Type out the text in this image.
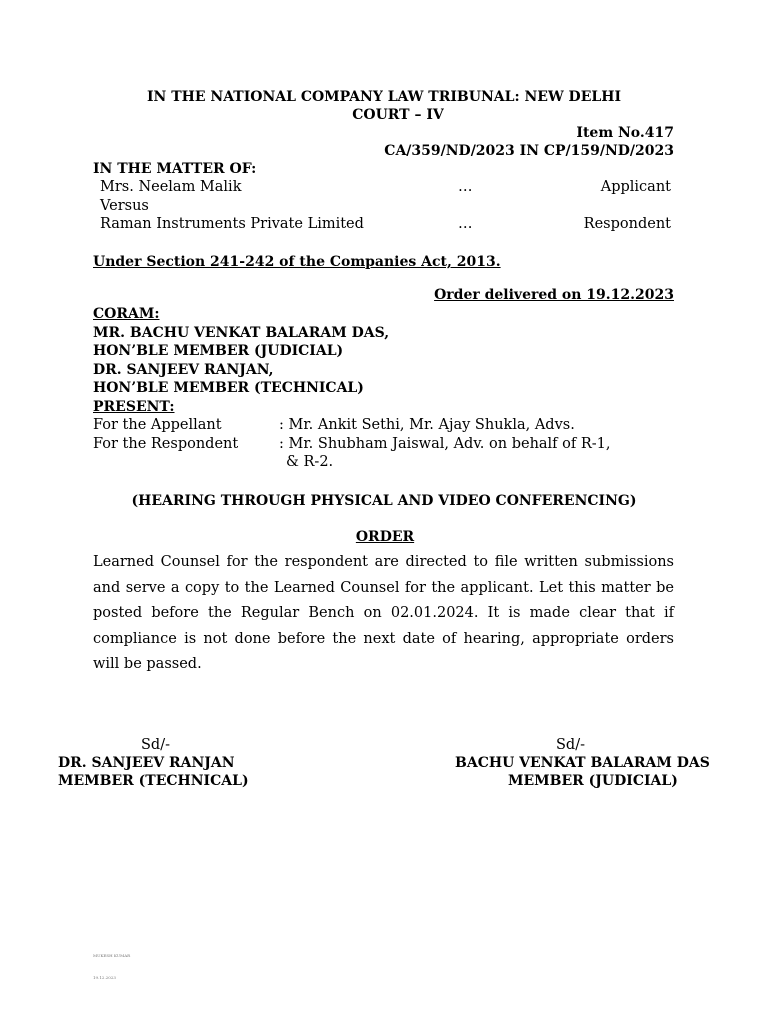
IN THE NATIONAL COMPANY LAW TRIBUNAL: NEW DELHI
COURT – IV
Item No.417
CA/359/ND/2023 IN CP/159/ND/2023
IN THE MATTER OF:
Mrs. Neelam Malik	…	Applicant
Versus
Raman Instruments Private Limited	…	Respondent
Under Section 241-242 of the Companies Act, 2013.
Order delivered on 19.12.2023
CORAM:
MR. BACHU VENKAT BALARAM DAS,
HON’BLE MEMBER (JUDICIAL)
DR. SANJEEV RANJAN,
HON’BLE MEMBER (TECHNICAL)
PRESENT:
For the Appellant	: Mr. Ankit Sethi, Mr. Ajay Shukla, Advs.
For the Respondent	: Mr. Shubham Jaiswal, Adv. on behalf of R-1,
& R-2.
(HEARING THROUGH PHYSICAL AND VIDEO CONFERENCING)
ORDER
Learned Counsel for the respondent are directed to file written submissions and serve a copy to the Learned Counsel for the applicant. Let this matter be posted before the Regular Bench on 02.01.2024. It is made clear that if compliance is not done before the next date of hearing, appropriate orders will be passed.
Sd/-
DR. SANJEEV RANJAN
MEMBER (TECHNICAL)
Sd/-
BACHU VENKAT BALARAM DAS
MEMBER (JUDICIAL)
MUKESH KUMAR
19.12.2023
